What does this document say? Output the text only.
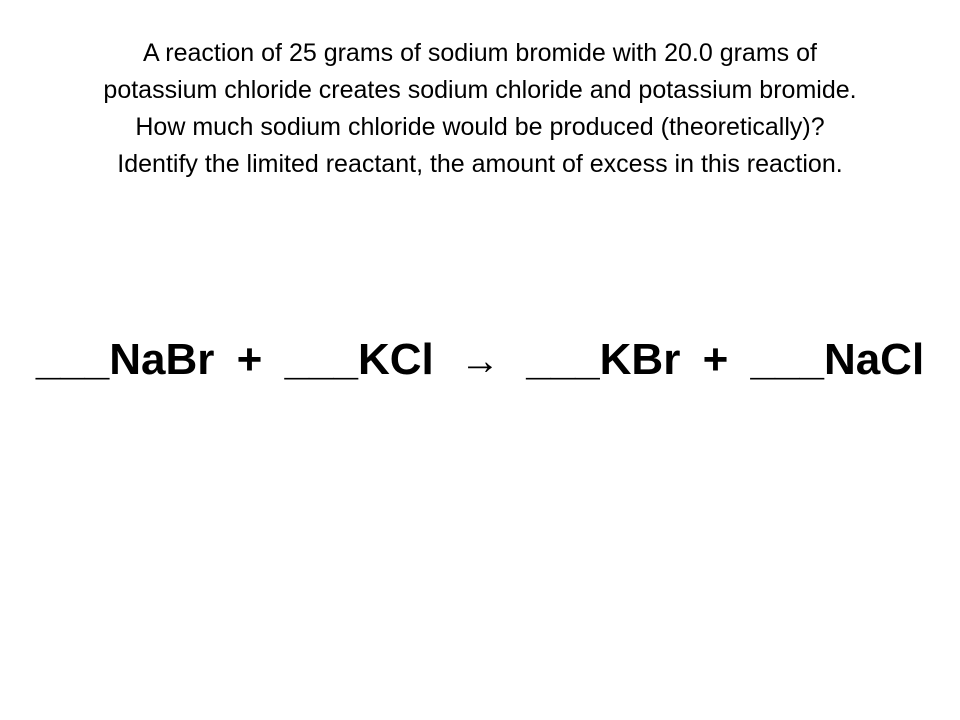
A reaction of 25 grams of sodium bromide with 20.0 grams of
potassium chloride creates sodium chloride and potassium bromide.
How much sodium chloride would be produced (theoretically)?
Identify the limited reactant, the amount of excess in this reaction.
___NaBr + ___KCl → ___KBr + ___NaCl
